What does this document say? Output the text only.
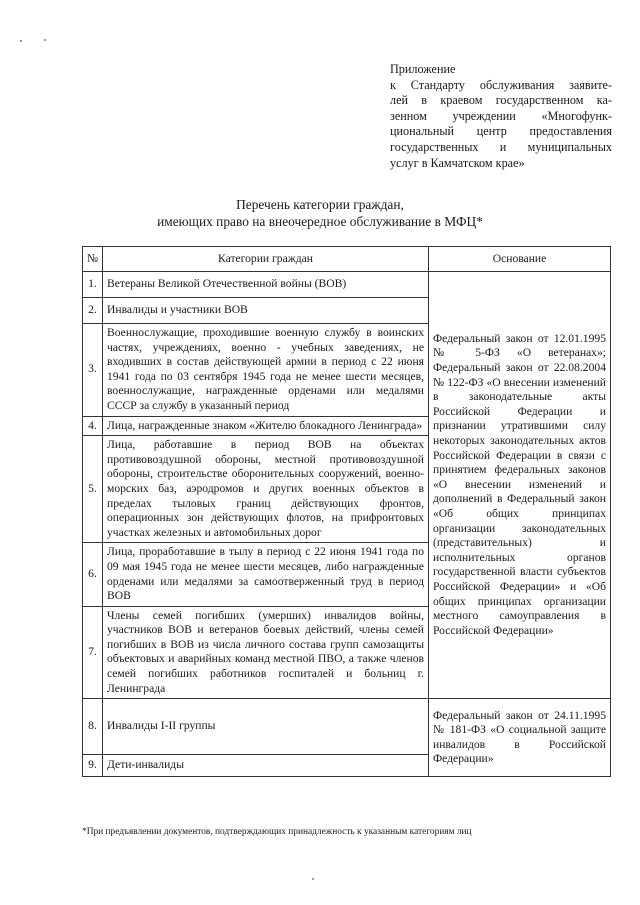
Приложение
к Стандарту обслуживания заявите-
лей в краевом государственном ка-
зенном учреждении «Многофунк-
циональный центр предоставления
государственных и муниципальных
услуг в Камчатском крае»
Перечень категории граждан,
имеющих право на внеочередное обслуживание в МФЦ*
№	Категории граждан	Основание
1.	Ветераны Великой Отечественной войны (ВОВ)	Федеральный закон от 12.01.1995 № 5-ФЗ «О ветеранах»; Федеральный закон от 22.08.2004 № 122-ФЗ «О внесении изменений в законодательные акты Российской Федерации и признании утратившими силу некоторых законодательных актов Российской Федерации в связи с принятием федеральных законов «О внесении изменений и дополнений в Федеральный закон «Об общих принципах организации законодательных (представительных) и исполнительных органов государственной власти субъектов Российской Федерации» и «Об общих принципах организации местного самоуправления в Российской Федерации»
2.	Инвалиды и участники ВОВ	
3.	Военнослужащие, проходившие военную службу в воинских частях, учреждениях, военно - учебных заведениях, не входивших в состав действующей армии в период с 22 июня 1941 года по 03 сентября 1945 года не менее шести месяцев, военнослужащие, награжденные орденами или медалями СССР за службу в указанный период	
4.	Лица, награжденные знаком «Жителю блокадного Ленинграда»	
5.	Лица, работавшие в период ВОВ на объектах противовоздушной обороны, местной противовоздушной обороны, строительстве оборонительных сооружений, военно-морских баз, аэродромов и других военных объектов в пределах тыловых границ действующих фронтов, операционных зон действующих флотов, на прифронтовых участках железных и автомобильных дорог	
6.	Лица, проработавшие в тылу в период с 22 июня 1941 года по 09 мая 1945 года не менее шести месяцев, либо награжденные орденами или медалями за самоотверженный труд в период ВОВ	
7.	Члены семей погибших (умерших) инвалидов войны, участников ВОВ и ветеранов боевых действий, члены семей погибших в ВОВ из числа личного состава групп самозащиты объектовых и аварийных команд местной ПВО, а также членов семей погибших работников госпиталей и больниц г. Ленинграда	
8.	Инвалиды I-II группы	Федеральный закон от 24.11.1995 № 181-ФЗ «О социальной защите инвалидов в Российской Федерации»
9.	Дети-инвалиды	
*При предъявлении документов, подтверждающих принадлежность к указанным категориям лиц
